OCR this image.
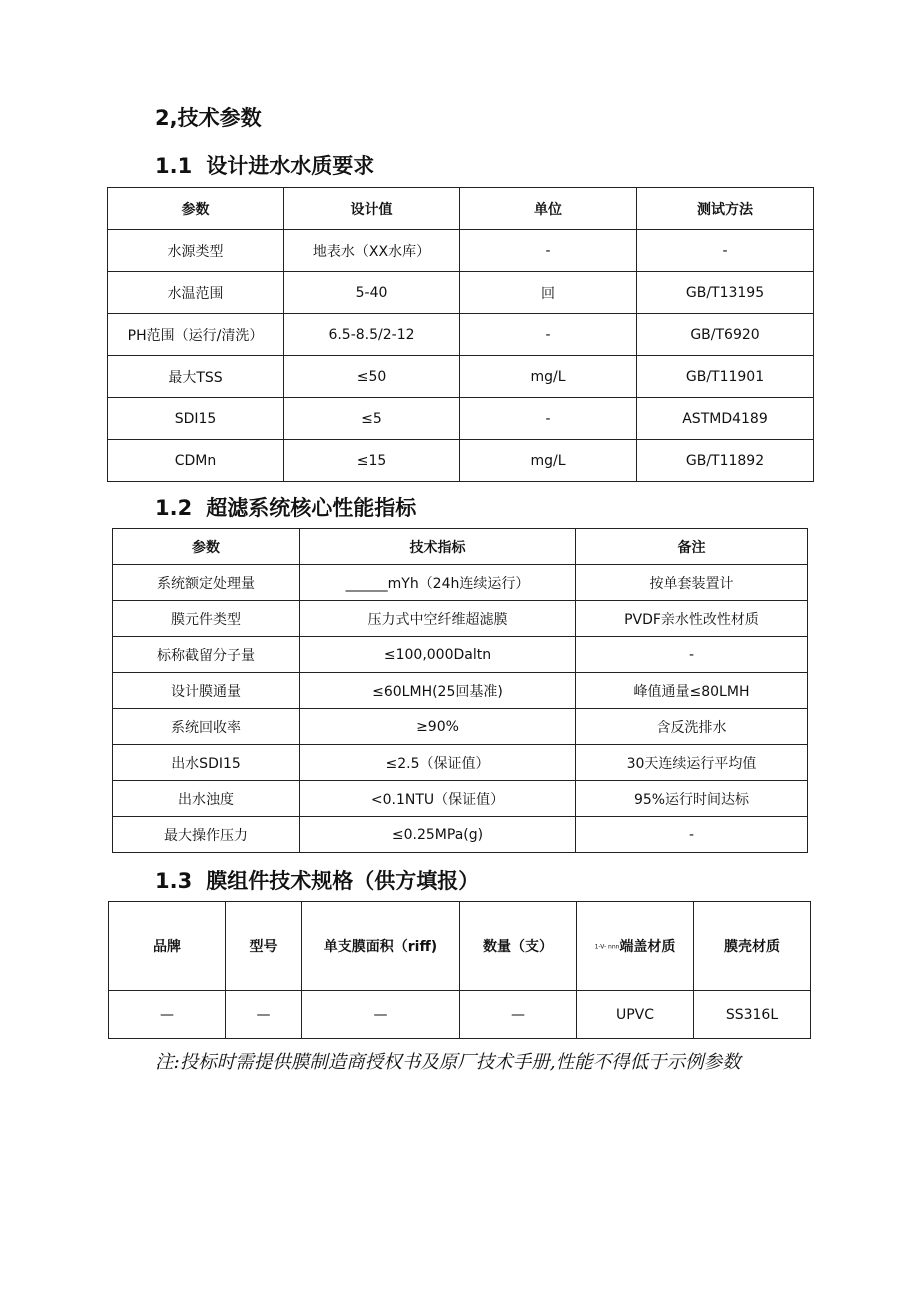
2,技术参数
1.1 设计进水水质要求
参数	设计值	单位	测试方法
水源类型	地表水（XX水库）	-	-
水温范围	5-40	回	GB/T13195
PH范围（运行/清洗）	6.5-8.5/2-12	-	GB/T6920
最大TSS	≤50	mg/L	GB/T11901
SDI15	≤5	-	ASTMD4189
CDMn	≤15	mg/L	GB/T11892
1.2 超滤系统核心性能指标
参数	技术指标	备注
系统额定处理量	______mYh（24h连续运行）	按单套装置计
膜元件类型	压力式中空纤维超滤膜	PVDF亲水性改性材质
标称截留分子量	≤100,000Daltn	-
设计膜通量	≤60LMH(25回基准)	峰值通量≤80LMH
系统回收率	≥90%	含反洗排水
出水SDI15	≤2.5（保证值）	30天连续运行平均值
出水浊度	<0.1NTU（保证值）	95%运行时间达标
最大操作压力	≤0.25MPa(g)	-
1.3 膜组件技术规格（供方填报）
品牌	型号	单支膜面积（riff)	数量（支）	1-V- nnn端盖材质	膜壳材质
—	—	—	—	UPVC	SS316L
注:投标时需提供膜制造商授权书及原厂技术手册,性能不得低于示例参数
